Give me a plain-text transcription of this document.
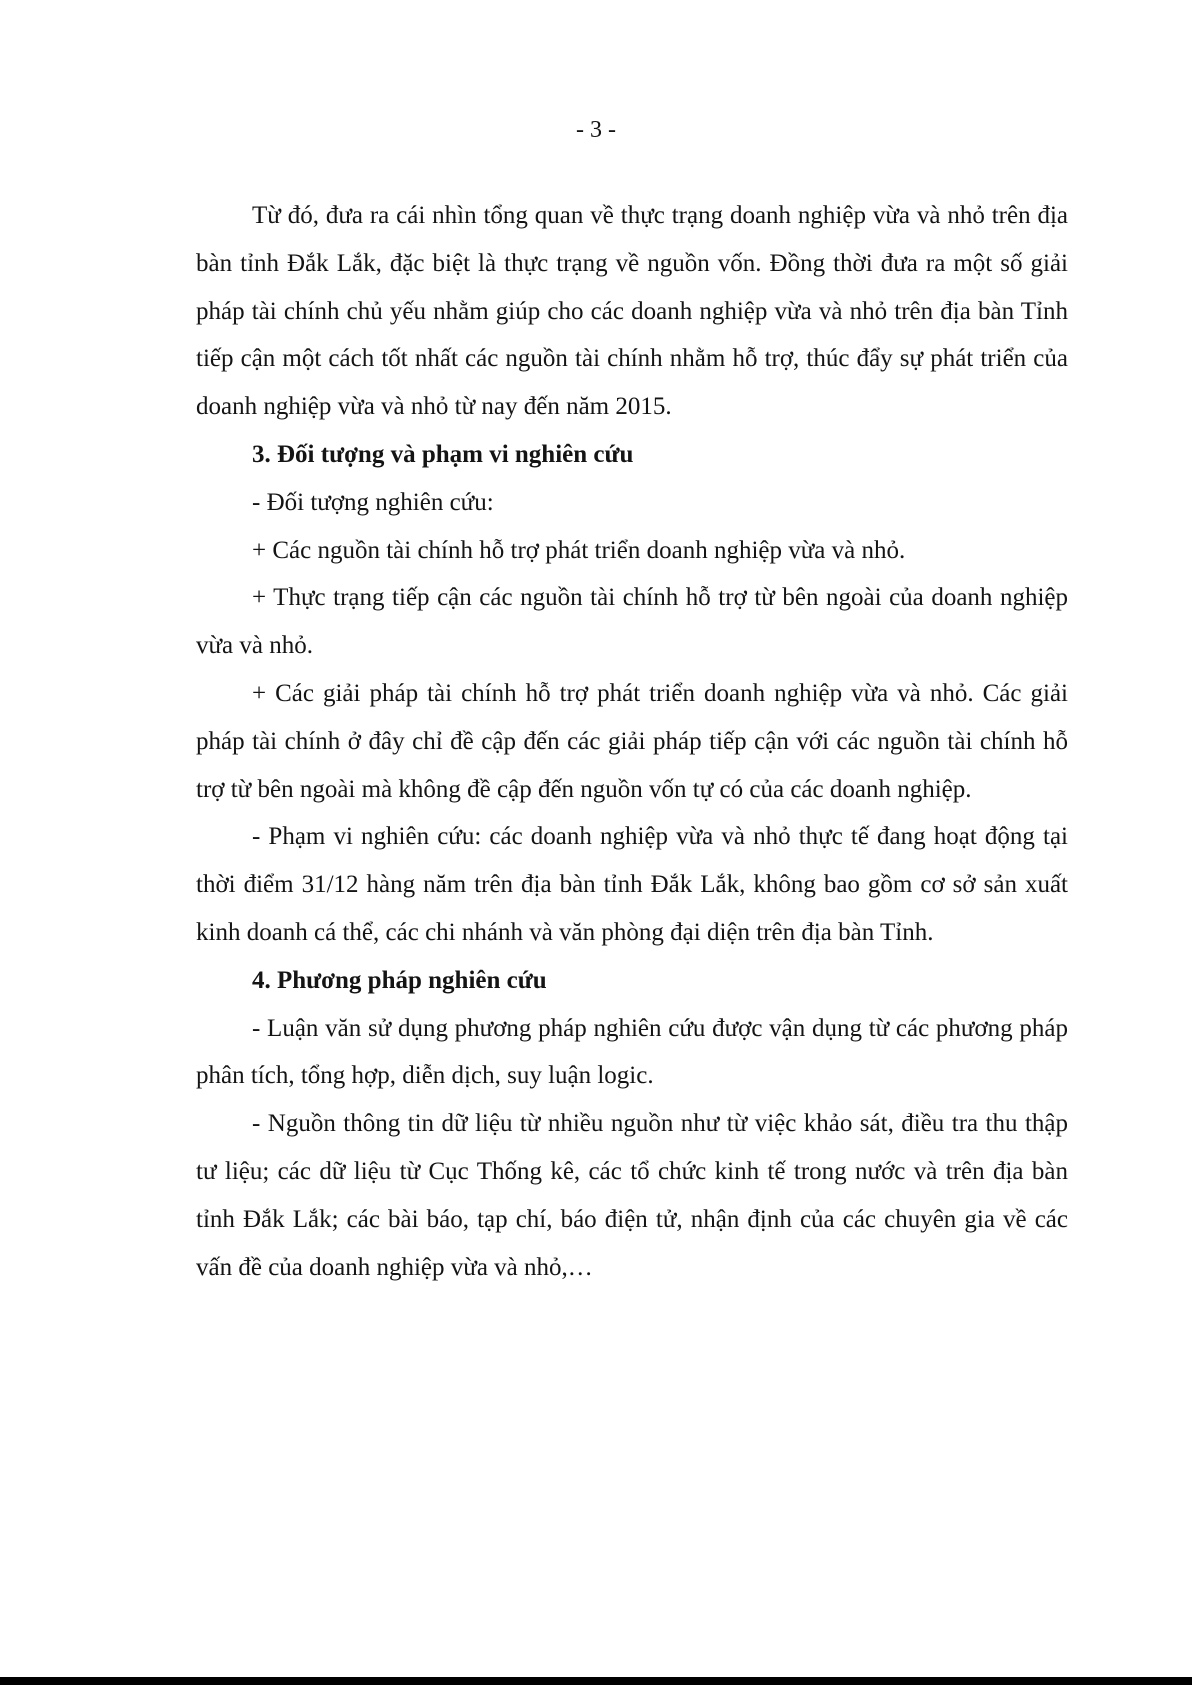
- 3 -

Từ đó, đưa ra cái nhìn tổng quan về thực trạng doanh nghiệp vừa và nhỏ trên địa bàn tỉnh Đắk Lắk, đặc biệt là thực trạng về nguồn vốn. Đồng thời đưa ra một số giải pháp tài chính chủ yếu nhằm giúp cho các doanh nghiệp vừa và nhỏ trên địa bàn Tỉnh tiếp cận một cách tốt nhất các nguồn tài chính nhằm hỗ trợ, thúc đẩy sự phát triển của doanh nghiệp vừa và nhỏ từ nay đến năm 2015.

3. Đối tượng và phạm vi nghiên cứu

- Đối tượng nghiên cứu:

+ Các nguồn tài chính hỗ trợ phát triển doanh nghiệp vừa và nhỏ.

+ Thực trạng tiếp cận các nguồn tài chính hỗ trợ từ bên ngoài của doanh nghiệp vừa và nhỏ.

+ Các giải pháp tài chính hỗ trợ phát triển doanh nghiệp vừa và nhỏ. Các giải pháp tài chính ở đây chỉ đề cập đến các giải pháp tiếp cận với các nguồn tài chính hỗ trợ từ bên ngoài mà không đề cập đến nguồn vốn tự có của các doanh nghiệp.

- Phạm vi nghiên cứu: các doanh nghiệp vừa và nhỏ thực tế đang hoạt động tại thời điểm 31/12 hàng năm trên địa bàn tỉnh Đắk Lắk, không bao gồm cơ sở sản xuất kinh doanh cá thể, các chi nhánh và văn phòng đại diện trên địa bàn Tỉnh.

4. Phương pháp nghiên cứu

- Luận văn sử dụng phương pháp nghiên cứu được vận dụng từ các phương pháp phân tích, tổng hợp, diễn dịch, suy luận logic.

- Nguồn thông tin dữ liệu từ nhiều nguồn như từ việc khảo sát, điều tra thu thập tư liệu; các dữ liệu từ Cục Thống kê, các tổ chức kinh tế trong nước và trên địa bàn tỉnh Đắk Lắk; các bài báo, tạp chí, báo điện tử, nhận định của các chuyên gia về các vấn đề của doanh nghiệp vừa và nhỏ,…
